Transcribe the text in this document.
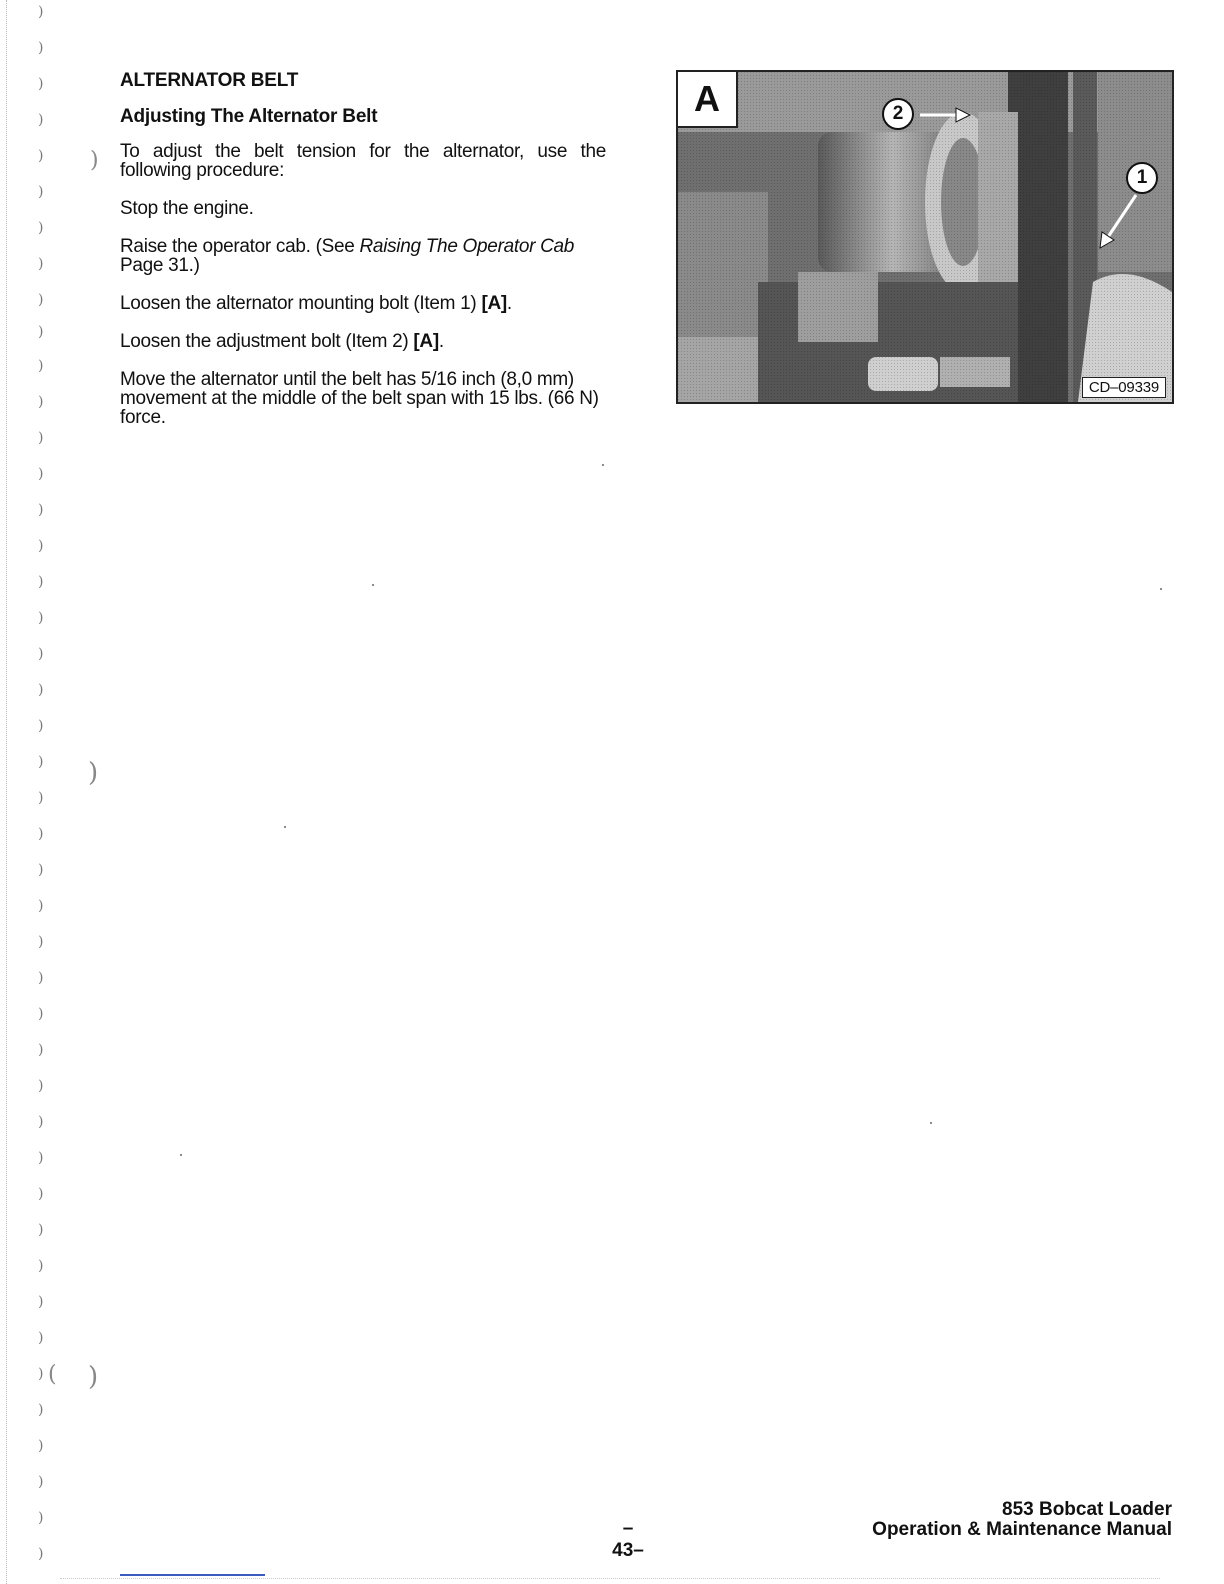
)
)
)
)
)
)
)
)
)
)
)
)
)
)
)
)
)
)
)
)
)
)
)
)
)
)
)
)
)
)
)
)
)
)
)
)
)
)
)
)
)
)
)
)
)
)
)
(
ALTERNATOR BELT
Adjusting The Alternator Belt

To adjust the belt tension for the alternator, use the following procedure:

Stop the engine.

Raise the operator cab. (See Raising The Operator Cab Page 31.)

Loosen the alternator mounting bolt (Item 1) [A].

Loosen the adjustment bolt (Item 2) [A].

Move the alternator until the belt has 5/16 inch (8,0 mm) movement at the middle of the belt span with 15 lbs. (66 N) force.

A	2
1
CD–09339
–43–
853 Bobcat Loader
Operation & Maintenance Manual
